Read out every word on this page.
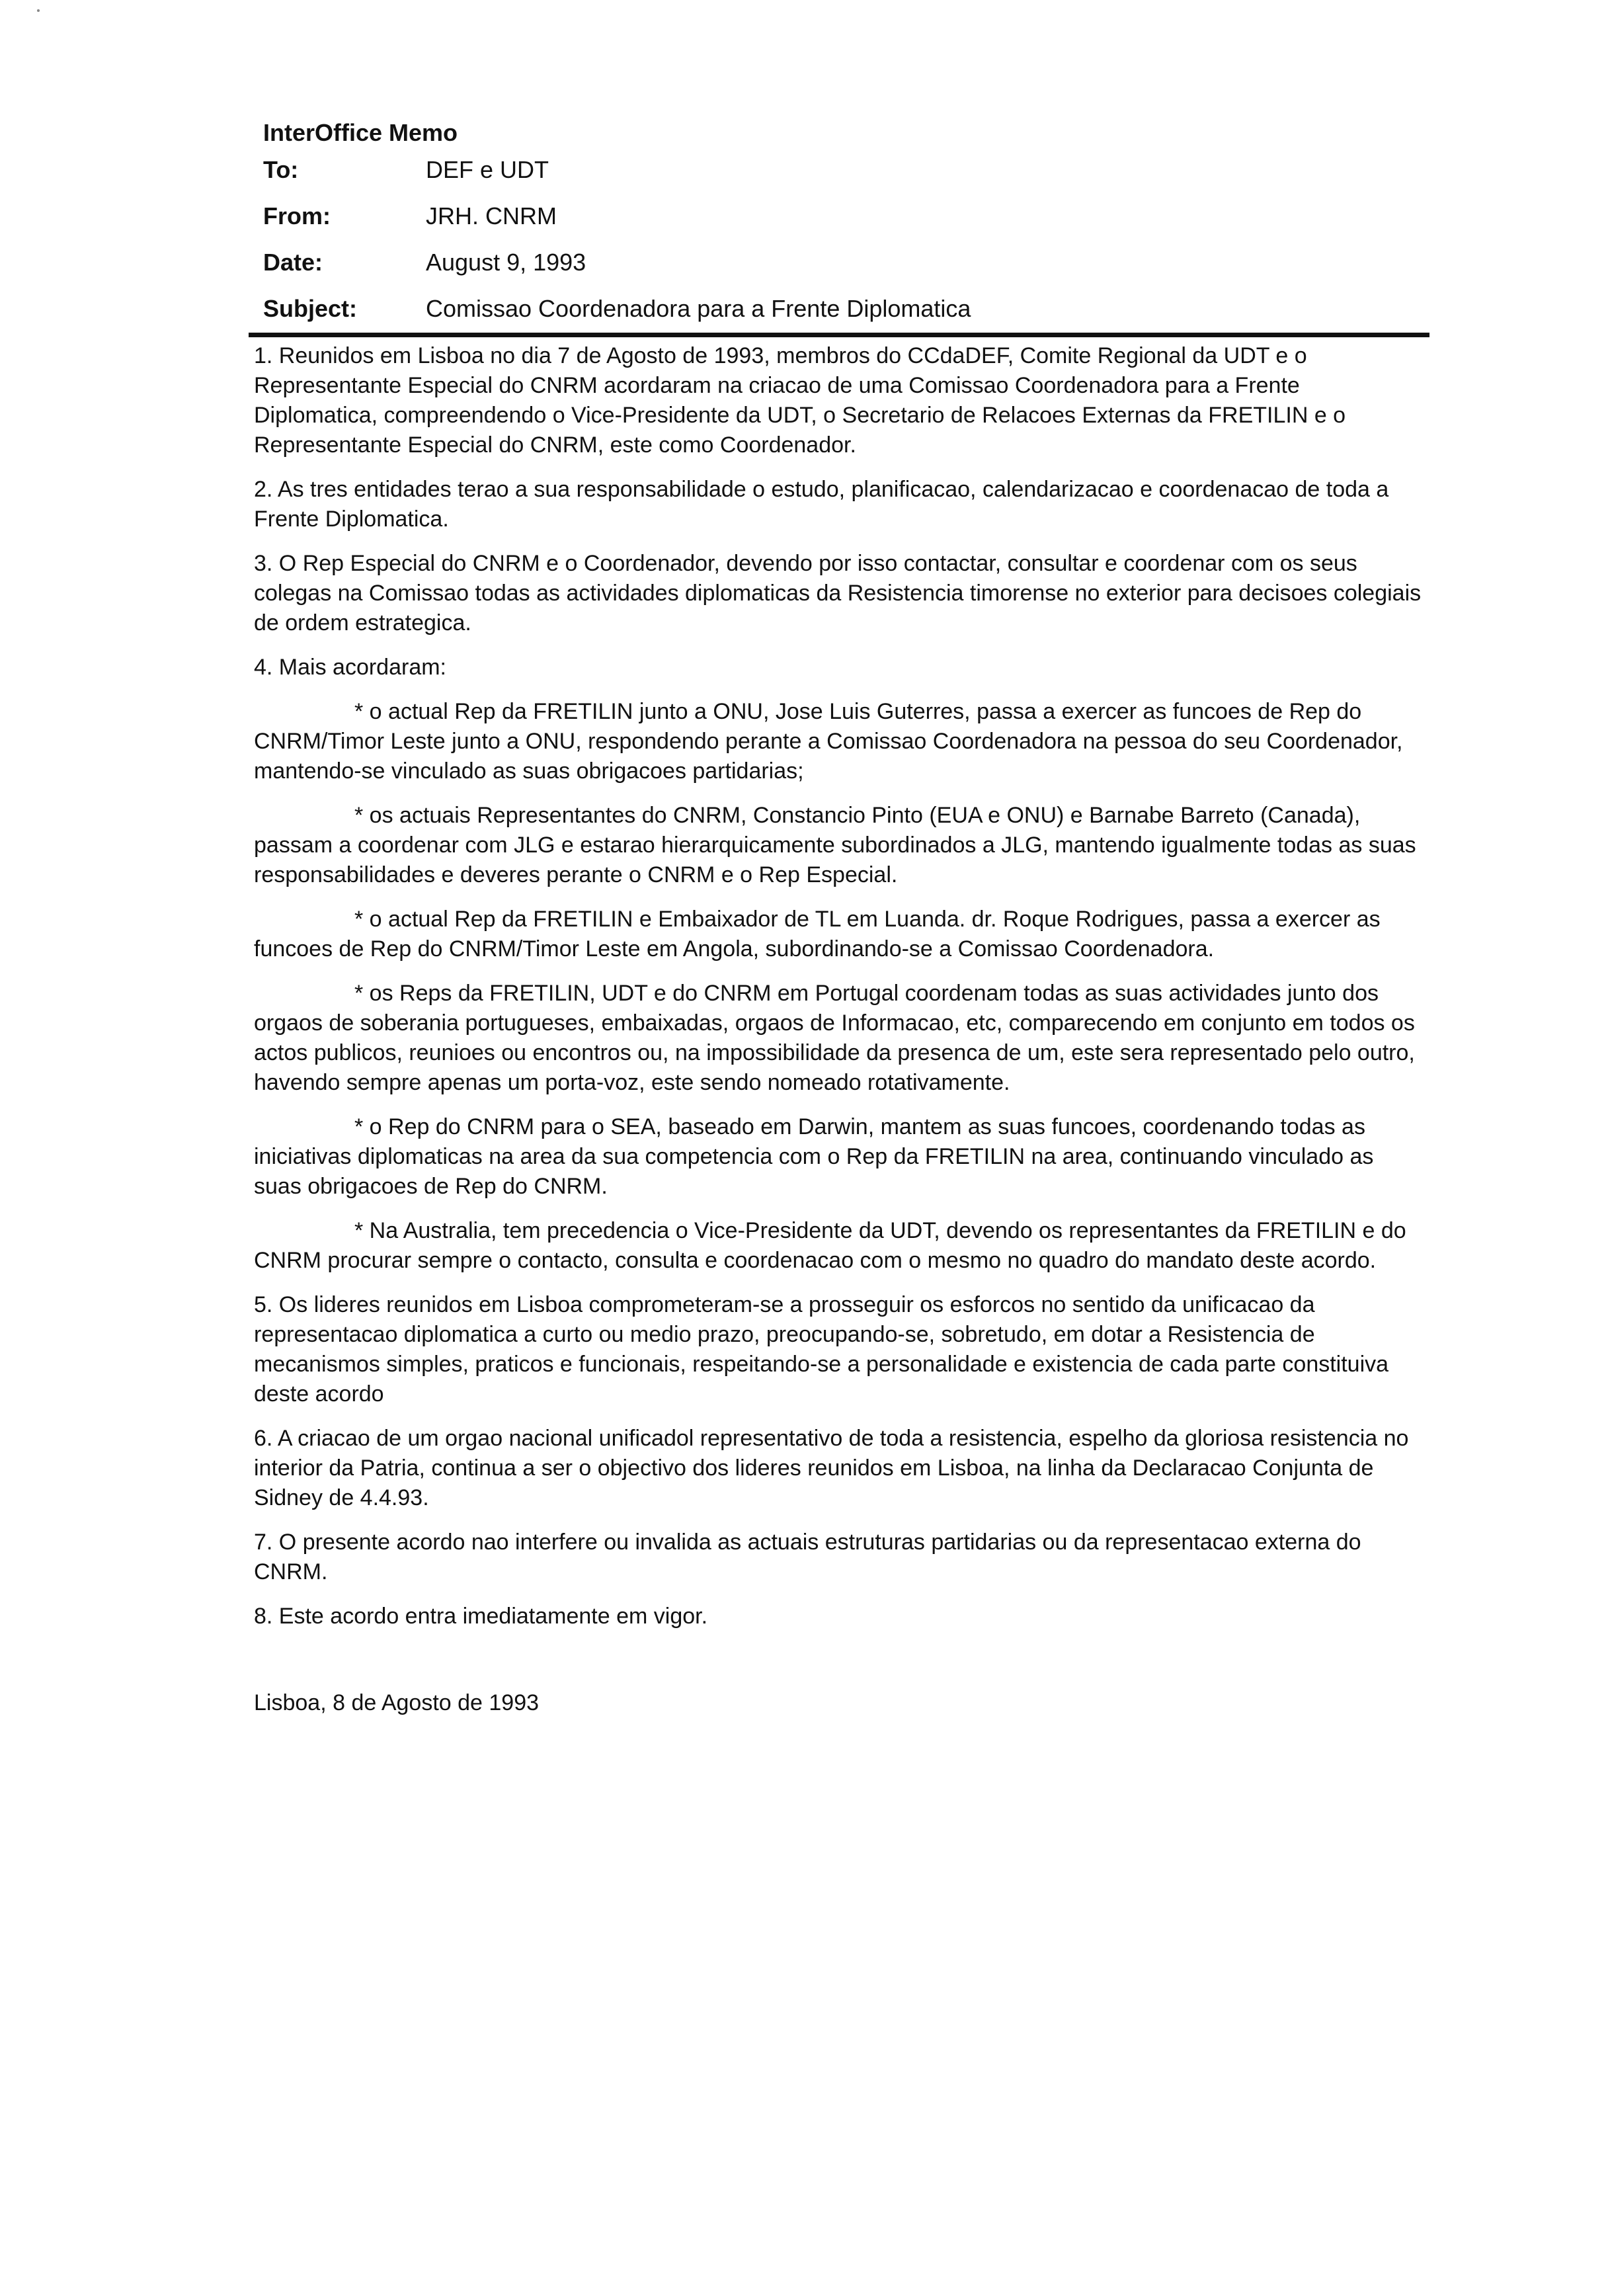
InterOffice Memo
To:	DEF e UDT
From:	JRH. CNRM
Date:	August 9, 1993
Subject:	Comissao Coordenadora para a Frente Diplomatica

1. Reunidos em Lisboa no dia 7 de Agosto de 1993, membros do CCdaDEF, Comite Regional da UDT e o Representante Especial do CNRM acordaram na criacao de uma Comissao Coordenadora para a Frente Diplomatica, compreendendo o Vice-Presidente da UDT, o Secretario de Relacoes Externas da FRETILIN e o Representante Especial do CNRM, este como Coordenador.

2. As tres entidades terao a sua responsabilidade o estudo, planificacao, calendarizacao e coordenacao de toda a Frente Diplomatica.

3. O Rep Especial do CNRM e o Coordenador, devendo por isso contactar, consultar e coordenar com os seus colegas na Comissao todas as actividades diplomaticas da Resistencia timorense no exterior para decisoes colegiais de ordem estrategica.

4. Mais acordaram:

* o actual Rep da FRETILIN junto a ONU, Jose Luis Guterres, passa a exercer as funcoes de Rep do CNRM/Timor Leste junto a ONU, respondendo perante a Comissao Coordenadora na pessoa do seu Coordenador, mantendo-se vinculado as suas obrigacoes partidarias;

* os actuais Representantes do CNRM, Constancio Pinto (EUA e ONU) e Barnabe Barreto (Canada), passam a coordenar com JLG e estarao hierarquicamente subordinados a JLG, mantendo igualmente todas as suas responsabilidades e deveres perante o CNRM e o Rep Especial.

* o actual Rep da FRETILIN e Embaixador de TL em Luanda. dr. Roque Rodrigues, passa a exercer as funcoes de Rep do CNRM/Timor Leste em Angola, subordinando-se a Comissao Coordenadora.

* os Reps da FRETILIN, UDT e do CNRM em Portugal coordenam todas as suas actividades junto dos orgaos de soberania portugueses, embaixadas, orgaos de Informacao, etc, comparecendo em conjunto em todos os actos publicos, reunioes ou encontros ou, na impossibilidade da presenca de um, este sera representado pelo outro, havendo sempre apenas um porta-voz, este sendo nomeado rotativamente.

* o Rep do CNRM para o SEA, baseado em Darwin, mantem as suas funcoes, coordenando todas as iniciativas diplomaticas na area da sua competencia com o Rep da FRETILIN na area, continuando vinculado as suas obrigacoes de Rep do CNRM.

* Na Australia, tem precedencia o Vice-Presidente da UDT, devendo os representantes da FRETILIN e do CNRM procurar sempre o contacto, consulta e coordenacao com o mesmo no quadro do mandato deste acordo.

5. Os lideres reunidos em Lisboa comprometeram-se a prosseguir os esforcos no sentido da unificacao da representacao diplomatica a curto ou medio prazo, preocupando-se, sobretudo, em dotar a Resistencia de mecanismos simples, praticos e funcionais, respeitando-se a personalidade e existencia de cada parte constituiva deste acordo

6. A criacao de um orgao nacional unificadol representativo de toda a resistencia, espelho da gloriosa resistencia no interior da Patria, continua a ser o objectivo dos lideres reunidos em Lisboa, na linha da Declaracao Conjunta de Sidney de 4.4.93.

7. O presente acordo nao interfere ou invalida as actuais estruturas partidarias ou da representacao externa do CNRM.

8. Este acordo entra imediatamente em vigor.

Lisboa, 8 de Agosto de 1993
